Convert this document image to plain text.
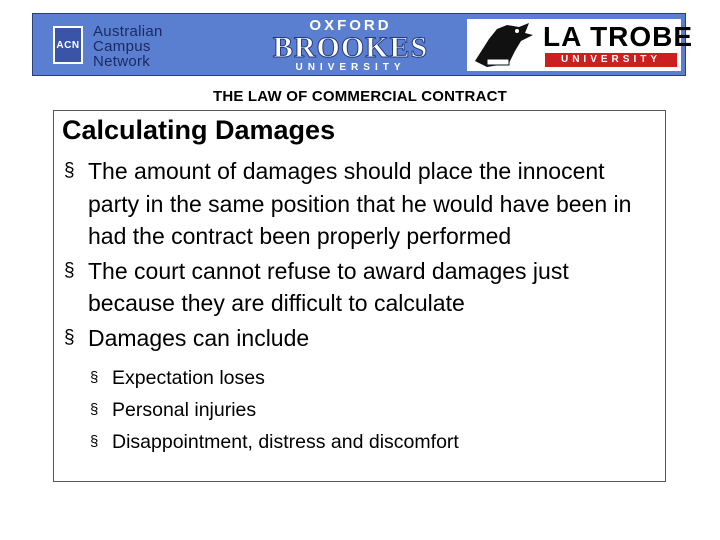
ACN
Australian
Campus
Network
OXFORD
BROOKES
UNIVERSITY
LA TROBE
UNIVERSITY
THE LAW OF COMMERCIAL CONTRACT
Calculating Damages
§ The amount of damages should place the innocent party in the same position that he would have been in had the contract been properly performed
§ The court cannot refuse to award damages just because they are difficult to calculate
§ Damages can include
§ Expectation loses
§ Personal injuries
§ Disappointment, distress and discomfort
